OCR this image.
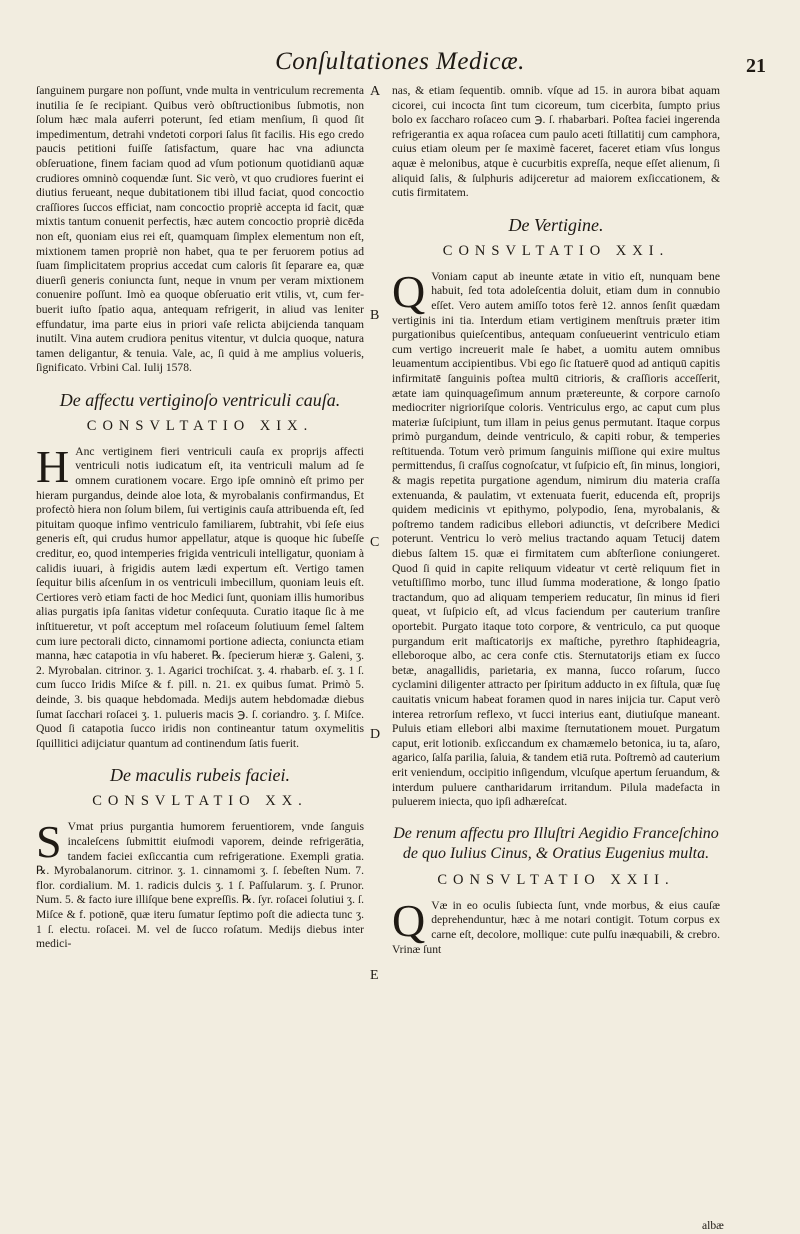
Conſultationes Medicæ.	21
A
B
C
D
E

ſanguinem purgare non poſſunt, vnde multa in ventriculum recrementa inutilia ſe ſe recipiant. Quibus verò obſtructionibus ſubmotis, non ſolum hæc mala auferri poterunt, ſed etiam menſium, ſi quod ſit impedimentum, detrahi vndetoti corpori ſalus ſit facilis. His ego credo paucis petitioni fuiſſe ſatisfactum, quare hac vna adiuncta obſeruatione, finem faciam quod ad vſum potionum quotidianū aquæ crudiores omninò coquendæ ſunt. Sic verò, vt quo crudiores fuerint ei diutius ferueant, neque dubitationem tibi illud faciat, quod concoctio craſſiores ſuccos efficiat, nam concoctio propriè accepta id facit, quæ mixtis tantum conuenit perfectis, hæc autem concoctio propriè dicēda non eſt, quoniam eius rei eſt, quamquam ſimplex elementum non eſt, mixtionem tamen propriè non habet, qua te per feruorem potius ad ſuam ſimplicitatem proprius accedat cum caloris ſit ſeparare ea, quæ diuerſi generis coniuncta ſunt, neque in vnum per veram mixtionem conuenire poſſunt. Imò ea quoque obſeruatio erit vtilis, vt, cum ferbuerit iuſto ſpatio aqua, antequam refrigerit, in aliud vas leniter effundatur, ima parte eius in priori vaſe relicta abijcienda tanquam inutilt. Vina autem crudiora penitus vitentur, vt dulcia quoque, natura tamen deligantur, & tenuia. Vale, ac, ſi quid à me amplius volueris, ſignificato. Vrbini Cal. Iulij 1578.

De affectu vertiginoſo ventriculi cauſa.
CONSVLTATIO XIX.

H Anc vertiginem fieri ventriculi cauſa ex proprijs affecti ventriculi notis iudicatum eſt, ita ventriculi malum ad ſe omnem curationem vocare. Ergo ipſe omninò eſt primo per hieram purgandus, deinde aloe lota, & myrobalanis confirmandus, Et profectò hiera non ſolum bilem, ſui vertiginis cauſa attribuenda eſt, ſed pituitam quoque infimo ventriculo familiarem, ſubtrahit, vbi ſeſe eius generis eſt, qui crudus humor appellatur, atque is quoque hic ſubeſſe creditur, eo, quod intemperies frigida ventriculi intelligatur, quoniam à calidis iuuari, à frigidis autem lædi expertum eſt. Vertigo tamen ſequitur bilis aſcenſum in os ventriculi imbecillum, quoniam leuis eſt. Certiores verò etiam facti de hoc Medici ſunt, quoniam illis humoribus alias purgatis ipſa ſanitas videtur conſequuta. Curatio itaque ſic à me inſtitueretur, vt poſt acceptum mel roſaceum ſolutiuum ſemel ſaltem cum iure pectorali dicto, cinnamomi portione adiecta, coniuncta etiam manna, hæc catapotia in vſu haberet. ℞. ſpecierum hieræ ʒ. Galeni, ʒ. 2. Myrobalan. citrinor. ʒ. 1. Agarici trochiſcat. ʒ. 4. rhabarb. eſ. ʒ. 1 ſ. cum ſucco Iridis Miſce & f. pill. n. 21. ex quibus ſumat. Primò 5. deinde, 3. bis quaque hebdomada. Medijs autem hebdomadæ diebus ſumat ſacchari roſacei ʒ. 1. pulueris macis ℈. ſ. coriandro. ʒ. ſ. Miſce. Quod ſi catapotia ſucco iridis non contineantur tatum oxymelitis ſquillitici adijciatur quantum ad continendum ſatis fuerit.

De maculis rubeis faciei.
CONSVLTATIO XX.

S Vmat prius purgantia humorem feruentiorem, vnde ſanguis incaleſcens ſubmittit eiuſmodi vaporem, deinde refrigerātia, tandem faciei exſiccantia cum refrigeratione. Exempli gratia. ℞. Myrobalanorum. citrinor. ʒ. 1. cinnamomi ʒ. ſ. ſebeſten Num. 7. flor. cordialium. M. 1. radicis dulcis ʒ. 1 ſ. Paſſularum. ʒ. ſ. Prunor. Num. 5. & facto iure illiſque bene expreſſis. ℞. ſyr. roſacei ſolutiui ʒ. ſ. Miſce & f. potionē, quæ iteru ſumatur ſeptimo poſt die adiecta tunc ʒ. 1 ſ. electu. roſacei. M. vel de ſucco roſatum. Medijs diebus inter medici-

nas, & etiam ſequentib. omnib. vſque ad 15. in aurora bibat aquam cicorei, cui incocta ſint tum cicoreum, tum cicerbita, ſumpto prius bolo ex ſaccharo roſaceo cum ℈. ſ. rhabarbari. Poſtea faciei ingerenda refrigerantia ex aqua roſacea cum paulo aceti ſtillatitij cum camphora, cuius etiam oleum per ſe maximè faceret, faceret etiam vſus longus aquæ è melonibus, atque è cucurbitis expreſſa, neque eſſet alienum, ſi aliquid ſalis, & ſulphuris adijceretur ad maiorem exſiccationem, & cutis firmitatem.

De Vertigine.
CONSVLTATIO XXI.

Q Voniam caput ab ineunte ætate in vitio eſt, nunquam bene habuit, ſed tota adoleſcentia doluit, etiam dum in connubio eſſet. Vero autem amiſſo totos ferè 12. annos ſenſit quædam vertiginis ini tia. Interdum etiam vertiginem menſtruis præter itim purgationibus quieſcentibus, antequam conſueuerint ventriculo etiam cum vertigo increuerit male ſe habet, a uomitu autem omnibus leuamentum accipientibus. Vbi ego ſic ſtatuerē quod ad antiquū capitis infirmitatē ſanguinis poſtea multū citrioris, & craſſioris acceſſerit, ætate iam quinquageſimum annum prætereunte, & corpore carnoſo mediocriter nigrioriſque coloris. Ventriculus ergo, ac caput cum plus materiæ ſuſcipiunt, tum illam in peius genus permutant. Itaque corpus primò purgandum, deinde ventriculo, & capiti robur, & temperies reſtituenda. Totum verò primum ſanguinis miſſione qui exire multus permittendus, ſi craſſus cognoſcatur, vt ſuſpicio eſt, ſin minus, longiori, & magis repetita purgatione agendum, nimirum diu materia craſſa extenuanda, & paulatim, vt extenuata fuerit, educenda eſt, proprijs quidem medicinis vt epithymo, polypodio, ſena, myrobalanis, & poſtremo tandem radicibus ellebori adiunctis, vt deſcribere Medici poterunt. Ventricu lo verò melius tractando aquam Tetucij datem diebus ſaltem 15. quæ ei firmitatem cum abſterſione coniungeret. Quod ſi quid in capite reliquum videatur vt certè reliquum fiet in vetuſtiſſimo morbo, tunc illud ſumma moderatione, & longo ſpatio tractandum, quo ad aliquam temperiem reducatur, ſin minus id fieri queat, vt ſuſpicio eſt, ad vlcus faciendum per cauterium tranſire oportebit. Purgato itaque toto corpore, & ventriculo, ca put quoque purgandum erit maſticatorijs ex maſtiche, pyrethro ſtaphideagria, elleboroque albo, ac cera confe ctis. Sternutatorijs etiam ex ſucco betæ, anagallidis, parietaria, ex manna, ſucco roſarum, ſucco cyclamini diligenter attracto per ſpiritum adducto in ex ſiſtula, quæ ſuę cauitatis vnicum habeat foramen quod in nares inijcia tur. Caput verò interea retrorſum reflexo, vt ſucci interius eant, diutiuſque maneant. Puluis etiam ellebori albi maxime ſternutationem mouet. Purgatum caput, erit lotionib. exſiccandum ex chamæmelo betonica, iu ta, aſaro, agarico, ſalſa parilia, ſaluia, & tandem etiā ruta. Poſtremò ad cauterium erit veniendum, occipitio inſigendum, vlcuſque apertum ſeruandum, & interdum puluere cantharidarum irritandum. Pilula madefacta in puluerem iniecta, quo ipſi adhæreſcat.

De renum affectu pro Illuſtri Aegidio Franceſchino de quo Iulius Cinus, & Oratius Eugenius multa.
CONSVLTATIO XXII.

Q Væ in eo oculis ſubiecta ſunt, vnde morbus, & eius cauſæ deprehenduntur, hæc à me notari contigit. Totum corpus ex carne eſt, decolore, molliqueː cute pulſu inæquabili, & crebro. Vrinæ ſunt

albæ
